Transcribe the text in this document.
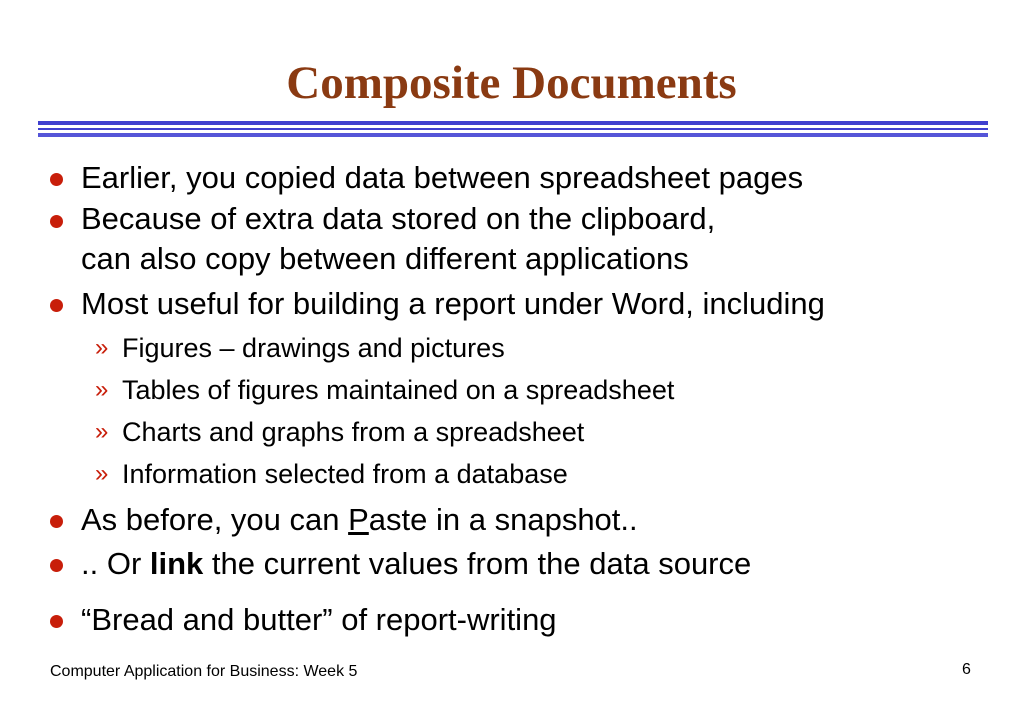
Composite Documents
Earlier, you copied data between spreadsheet pages
Because of extra data stored on the clipboard,
can also copy between different applications
Most useful for building a report under Word, including
» Figures – drawings and pictures
» Tables of figures maintained on a spreadsheet
» Charts and graphs from a spreadsheet
» Information selected from a database
As before, you can Paste in a snapshot..
.. Or link the current values from the data source
“Bread and butter” of report-writing
Computer Application for Business: Week 5	6
